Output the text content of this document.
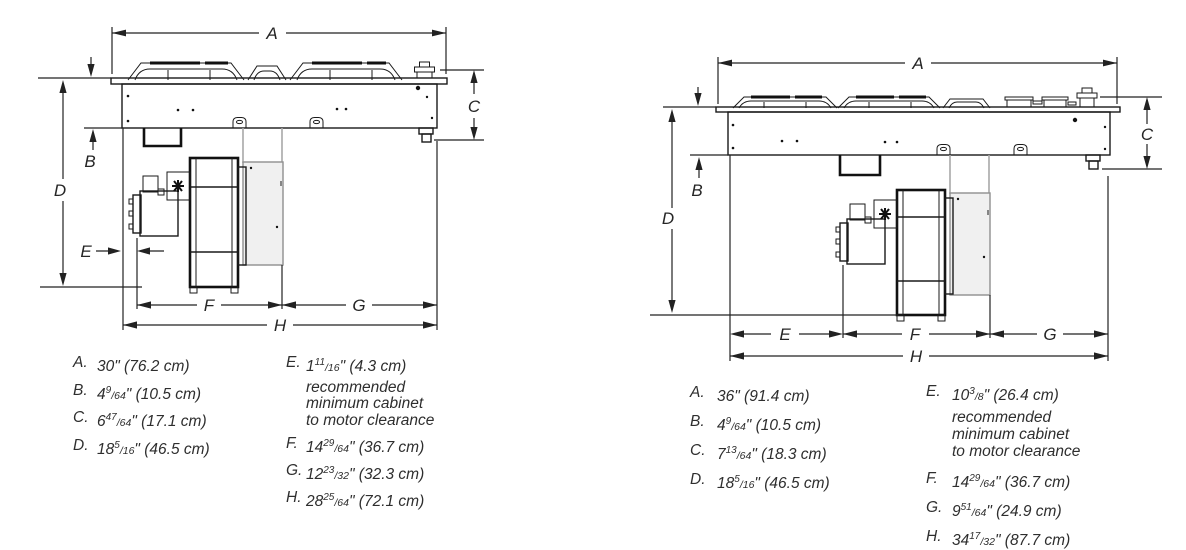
A
B
C
D
E
F	G
H
A
B
C
D
E	F	G
H
A. 30" (76.2 cm)
B. 4$^9$/64" (10.5 cm)
C. 6$^{47}$/64" (17.1 cm)
D. 18$^5$/16" (46.5 cm)
E. 1$^{11}$/16" (4.3 cm)
recommended
minimum cabinet
to motor clearance
F. 14$^{29}$/64" (36.7 cm)
G. 12$^{23}$/32" (32.3 cm)
H. 28$^{25}$/64" (72.1 cm)
A. 36" (91.4 cm)
B. 4$^9$/64" (10.5 cm)
C. 7$^{13}$/64" (18.3 cm)
D. 18$^5$/16" (46.5 cm)
E. 10$^3$/8" (26.4 cm)
recommended
minimum cabinet
to motor clearance
F. 14$^{29}$/64" (36.7 cm)
G. 9$^{51}$/64" (24.9 cm)
H. 34$^{17}$/32" (87.7 cm)
